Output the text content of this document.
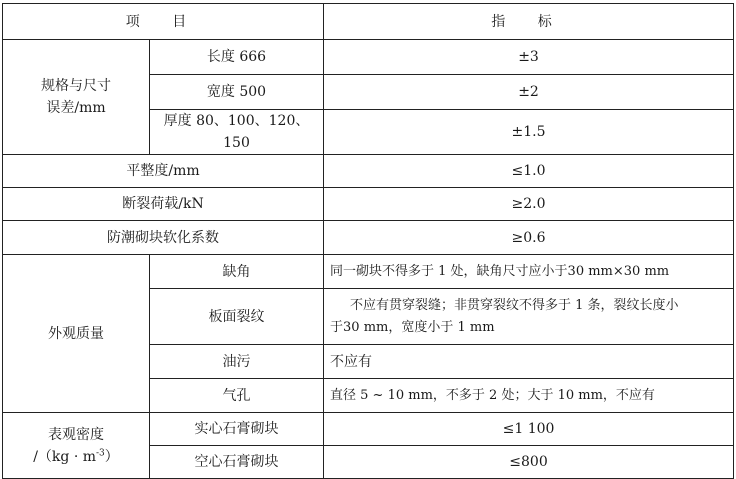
项 目		指 标

规格与尺寸
误差/mm	长度 666	±3
	宽度 500	±2
	厚度 80、100、120、150	±1.5
平整度/mm		≤1.0
断裂荷载/kN		≥2.0
防潮砌块软化系数		≥0.6
外观质量	缺角	同一砌块不得多于 1 处，缺角尺寸应小于30 mm×30 mm
	板面裂纹	不应有贯穿裂缝；非贯穿裂纹不得多于 1 条，裂纹长度小
于30 mm，宽度小于 1 mm

	油污	不应有
	气孔	直径 5 ~ 10 mm，不多于 2 处；大于 10 mm，不应有

表观密度
$/(kg \cdot m^{-3})$	实心石膏砌块	≤1 100
	空心石膏砌块	≤800
